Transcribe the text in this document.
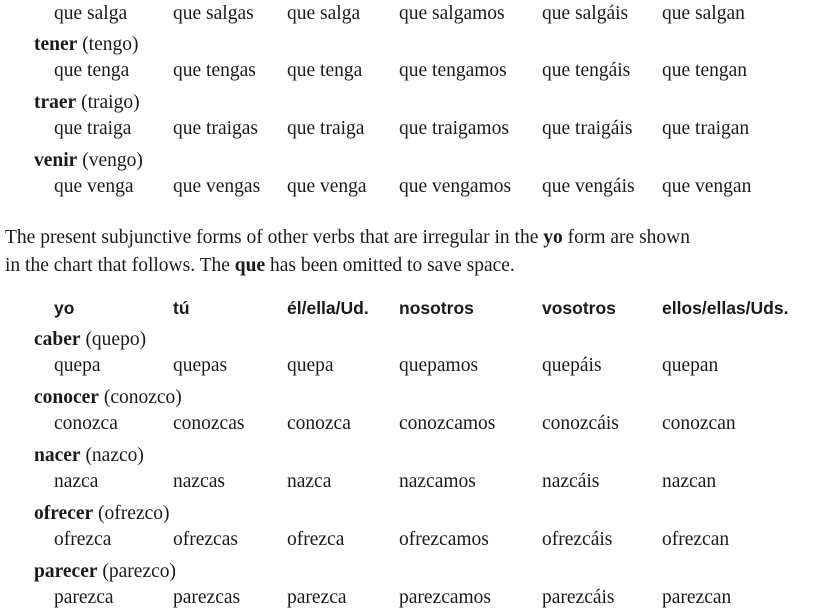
que salga que salgas que salga que salgamos que salgáis que salgan
tener (tengo)
que tenga que tengas que tenga que tengamos que tengáis que tengan
traer (traigo)
que traiga que traigas que traiga que traigamos que traigáis que traigan
venir (vengo)
que venga que vengas que venga que vengamos que vengáis que vengan
The present subjunctive forms of other verbs that are irregular in the yo form are shown
in the chart that follows. The que has been omitted to save space.
yo	tú	él/ella/Ud. nosotros	vosotros	ellos/ellas/Uds.
caber (quepo)
quepa	quepas	quepa	quepamos	quepáis	quepan
conocer (conozco)
conozca	conozcas conozca conozcamos conozcáis conozcan
nacer (nazco)
nazca	nazcas	nazca	nazcamos	nazcáis	nazcan
ofrecer (ofrezco)
ofrezca	ofrezcas	ofrezca	ofrezcamos	ofrezcáis	ofrezcan
parecer (parezco)
parezca	parezcas parezca	parezcamos	parezcáis parezcan
